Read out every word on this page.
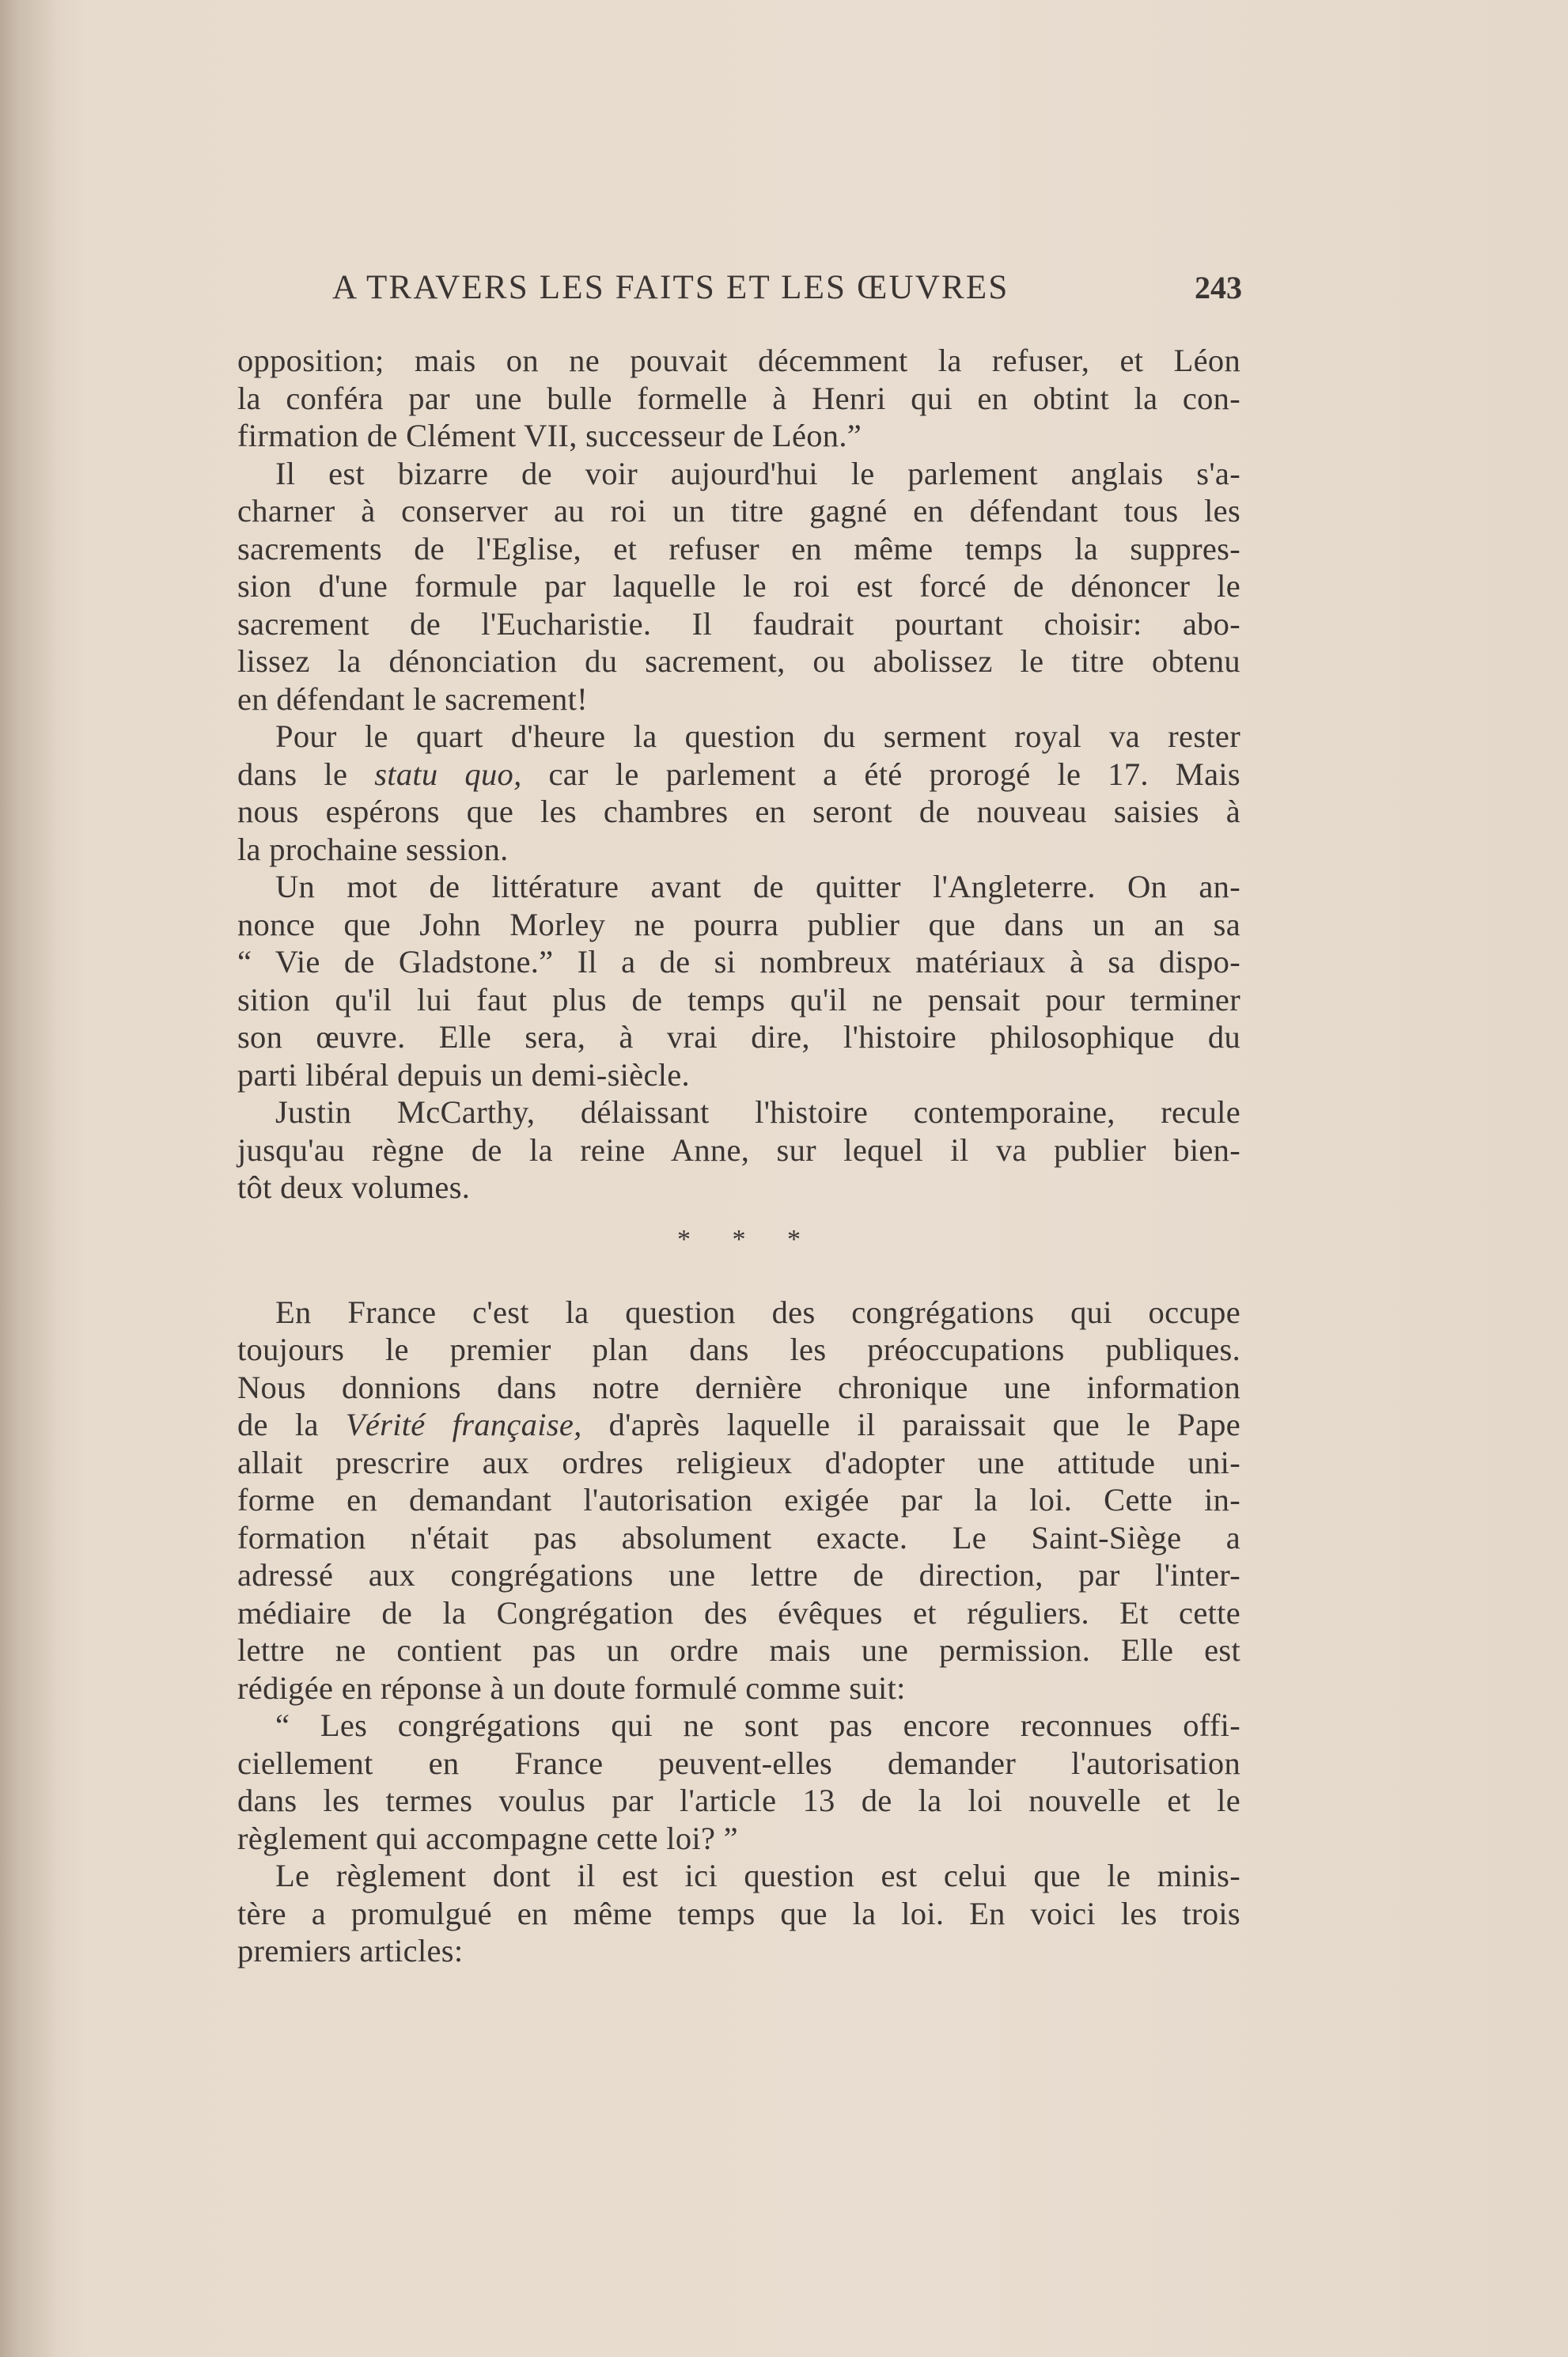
A TRAVERS LES FAITS ET LES ŒUVRES	243
opposition; mais on ne pouvait décemment la refuser, et Léon
la conféra par une bulle formelle à Henri qui en obtint la con-
firmation de Clément VII, successeur de Léon.”
Il est bizarre de voir aujourd'hui le parlement anglais s'a-
charner à conserver au roi un titre gagné en défendant tous les
sacrements de l'Eglise, et refuser en même temps la suppres-
sion d'une formule par laquelle le roi est forcé de dénoncer le
sacrement de l'Eucharistie. Il faudrait pourtant choisir: abo-
lissez la dénonciation du sacrement, ou abolissez le titre obtenu
en défendant le sacrement!
Pour le quart d'heure la question du serment royal va rester
dans le statu quo, car le parlement a été prorogé le 17. Mais
nous espérons que les chambres en seront de nouveau saisies à
la prochaine session.
Un mot de littérature avant de quitter l'Angleterre. On an-
nonce que John Morley ne pourra publier que dans un an sa
“ Vie de Gladstone.” Il a de si nombreux matériaux à sa dispo-
sition qu'il lui faut plus de temps qu'il ne pensait pour terminer
son œuvre. Elle sera, à vrai dire, l'histoire philosophique du
parti libéral depuis un demi-siècle.
Justin McCarthy, délaissant l'histoire contemporaine, recule
jusqu'au règne de la reine Anne, sur lequel il va publier bien-
tôt deux volumes.
* * *
En France c'est la question des congrégations qui occupe
toujours le premier plan dans les préoccupations publiques.
Nous donnions dans notre dernière chronique une information
de la Vérité française, d'après laquelle il paraissait que le Pape
allait prescrire aux ordres religieux d'adopter une attitude uni-
forme en demandant l'autorisation exigée par la loi. Cette in-
formation n'était pas absolument exacte. Le Saint-Siège a
adressé aux congrégations une lettre de direction, par l'inter-
médiaire de la Congrégation des évêques et réguliers. Et cette
lettre ne contient pas un ordre mais une permission. Elle est
rédigée en réponse à un doute formulé comme suit:
“ Les congrégations qui ne sont pas encore reconnues offi-
ciellement en France peuvent-elles demander l'autorisation
dans les termes voulus par l'article 13 de la loi nouvelle et le
règlement qui accompagne cette loi? ”
Le règlement dont il est ici question est celui que le minis-
tère a promulgué en même temps que la loi. En voici les trois
premiers articles:
